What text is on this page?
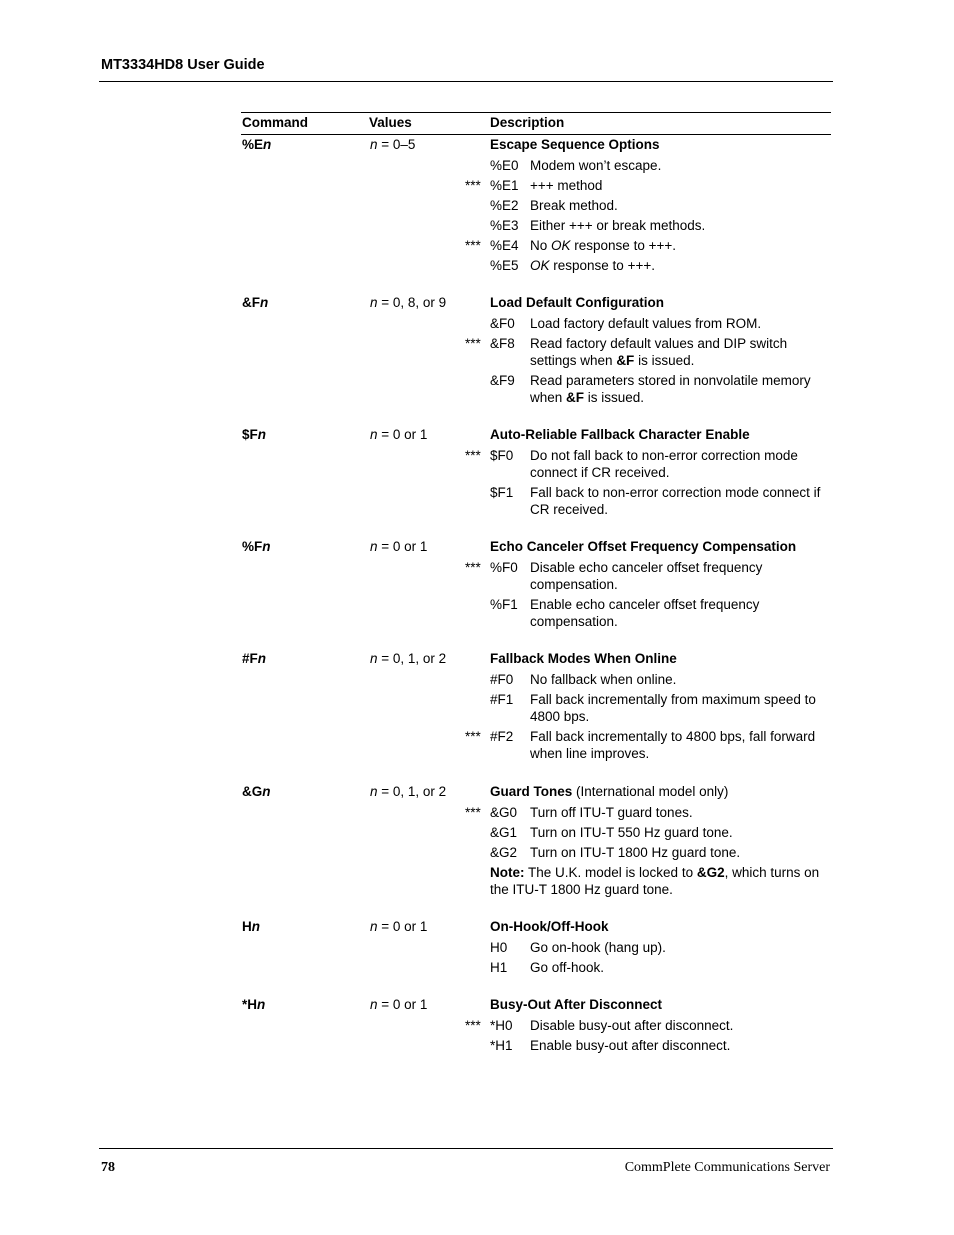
MT3334HD8 User Guide
Command	Values	Description
%En	n = 0–5	Escape Sequence Options
%E0 Modem won’t escape.
*** %E1 +++ method
%E2 Break method.
%E3 Either +++ or break methods.
*** %E4 No OK response to +++.
%E5 OK response to +++.
&Fn	n = 0, 8, or 9	Load Default Configuration
&F0 Load factory default values from ROM.
*** &F8 Read factory default values and DIP switch settings when &F is issued.
&F9 Read parameters stored in nonvolatile memory when &F is issued.
$Fn	n = 0 or 1	Auto-Reliable Fallback Character Enable
*** $F0 Do not fall back to non-error correction mode connect if CR received.
$F1 Fall back to non-error correction mode connect if CR received.
%Fn	n = 0 or 1	Echo Canceler Offset Frequency Compensation
*** %F0 Disable echo canceler offset frequency compensation.
%F1 Enable echo canceler offset frequency compensation.
#Fn	n = 0, 1, or 2	Fallback Modes When Online
#F0 No fallback when online.
#F1 Fall back incrementally from maximum speed to 4800 bps.
*** #F2 Fall back incrementally to 4800 bps, fall forward when line improves.
&Gn	n = 0, 1, or 2	Guard Tones (International model only)
*** &G0 Turn off ITU-T guard tones.
&G1 Turn on ITU-T 550 Hz guard tone.
&G2 Turn on ITU-T 1800 Hz guard tone.
Note: The U.K. model is locked to &G2, which turns on the ITU-T 1800 Hz guard tone.
Hn	n = 0 or 1	On-Hook/Off-Hook
H0 Go on-hook (hang up).
H1 Go off-hook.
*Hn	n = 0 or 1	Busy-Out After Disconnect
*** *H0 Disable busy-out after disconnect.
*H1 Enable busy-out after disconnect.
78	CommPlete Communications Server
